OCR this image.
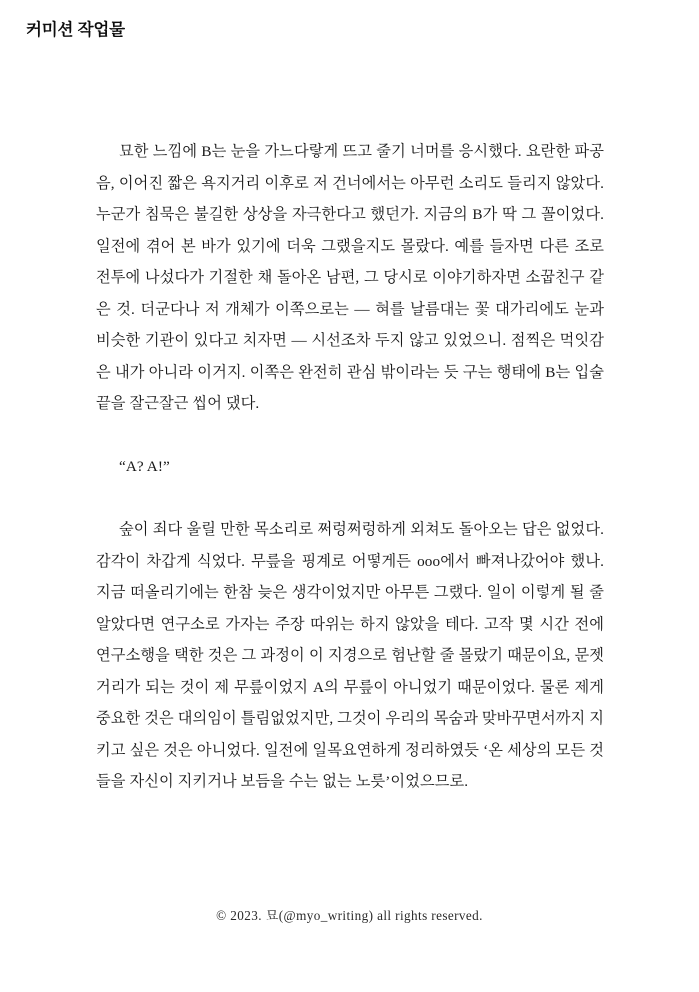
커미션 작업물

묘한 느낌에 B는 눈을 가느다랗게 뜨고 줄기 너머를 응시했다. 요란한 파공음, 이어진 짧은 욕지거리 이후로 저 건너에서는 아무런 소리도 들리지 않았다. 누군가 침묵은 불길한 상상을 자극한다고 했던가. 지금의 B가 딱 그 꼴이었다. 일전에 겪어 본 바가 있기에 더욱 그랬을지도 몰랐다. 예를 들자면 다른 조로 전투에 나섰다가 기절한 채 돌아온 남편, 그 당시로 이야기하자면 소꿉친구 같은 것. 더군다나 저 개체가 이쪽으로는 ― 혀를 날름대는 꽃 대가리에도 눈과 비슷한 기관이 있다고 치자면 ― 시선조차 두지 않고 있었으니. 점찍은 먹잇감은 내가 아니라 이거지. 이쪽은 완전히 관심 밖이라는 듯 구는 행태에 B는 입술 끝을 잘근잘근 씹어 댔다.

“A? A!”

숲이 죄다 울릴 만한 목소리로 쩌렁쩌렁하게 외쳐도 돌아오는 답은 없었다. 감각이 차갑게 식었다. 무릎을 핑계로 어떻게든 ooo에서 빠져나갔어야 했나. 지금 떠올리기에는 한참 늦은 생각이었지만 아무튼 그랬다. 일이 이렇게 될 줄 알았다면 연구소로 가자는 주장 따위는 하지 않았을 테다. 고작 몇 시간 전에 연구소행을 택한 것은 그 과정이 이 지경으로 험난할 줄 몰랐기 때문이요, 문젯거리가 되는 것이 제 무릎이었지 A의 무릎이 아니었기 때문이었다. 물론 제게 중요한 것은 대의임이 틀림없었지만, 그것이 우리의 목숨과 맞바꾸면서까지 지키고 싶은 것은 아니었다. 일전에 일목요연하게 정리하였듯 ‘온 세상의 모든 것들을 자신이 지키거나 보듬을 수는 없는 노릇’이었으므로.

© 2023. 묘(@myo_writing) all rights reserved.
